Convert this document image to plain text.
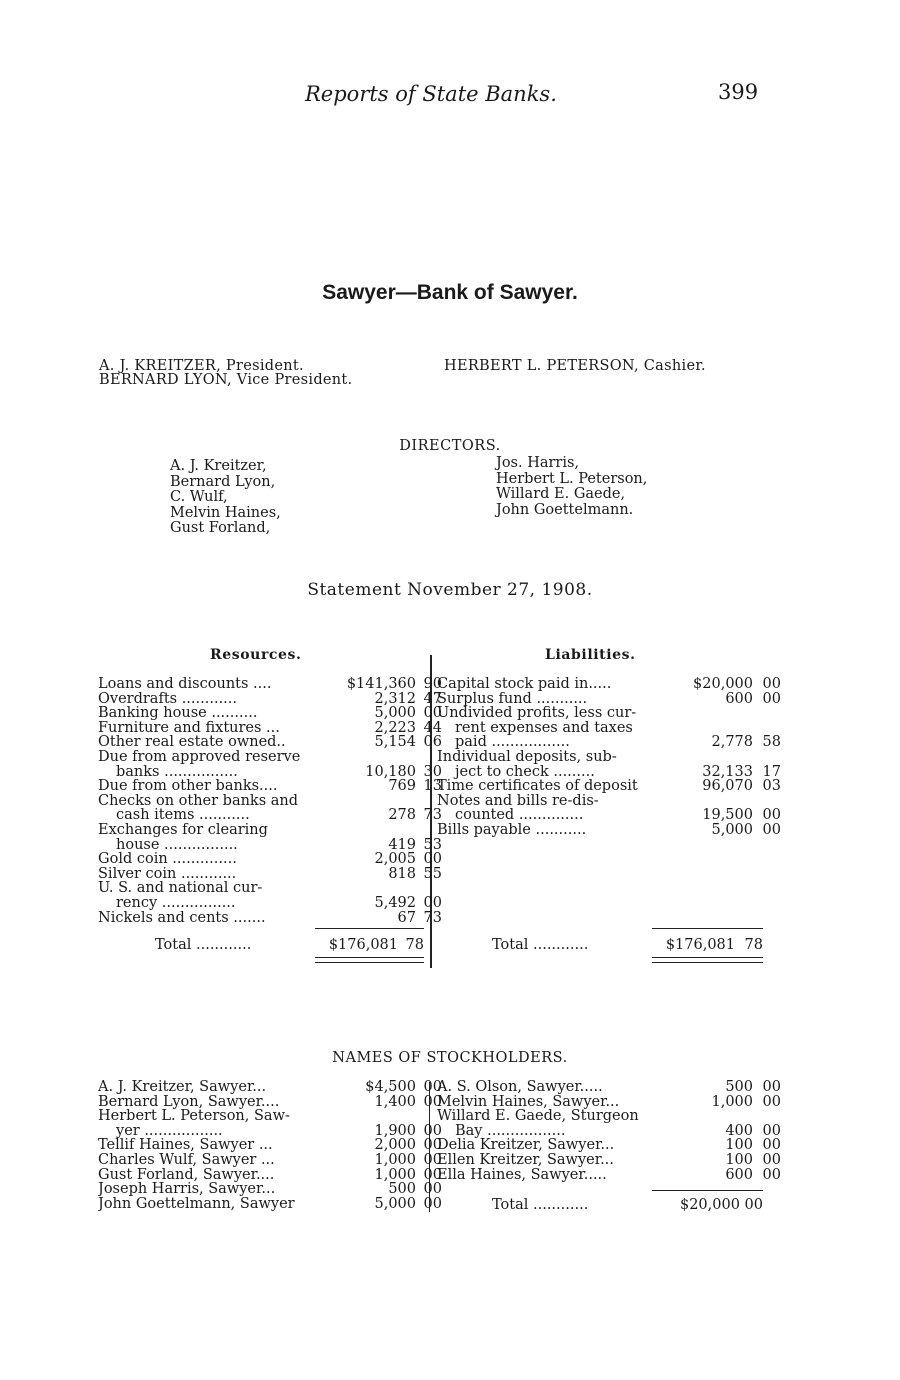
Reports of State Banks.	399
Sawyer—Bank of Sawyer.
A. J. KREITZER, President.
BERNARD LYON, Vice President.
HERBERT L. PETERSON, Cashier.
DIRECTORS.
A. J. Kreitzer,
Bernard Lyon,
C. Wulf,
Melvin Haines,
Gust Forland,
Jos. Harris,
Herbert L. Peterson,
Willard E. Gaede,
John Goettelmann.
Statement November 27, 1908.
Resources.	Liabilities.
Loans and discounts ....	$141,360	90
Overdrafts ............	2,312	47
Banking house ..........	5,000	00
Furniture and fixtures ...	2,223	44
Other real estate owned..	5,154	06
Due from approved reserve		
banks ................	10,180	30
Due from other banks....	769	13
Checks on other banks and		
cash items ...........	278	73
Exchanges for clearing		
house ................	419	53
Gold coin ..............	2,005	00
Silver coin ............	818	55
U. S. and national cur-		
rency ................	5,492	00
Nickels and cents .......	67	73
Total ............	$176,081 78
Capital stock paid in.....	$20,000	00
Surplus fund ...........	600	00
Undivided profits, less cur-		
rent expenses and taxes		
paid .................	2,778	58
Individual deposits, sub-		
ject to check .........	32,133	17
Time certificates of deposit	96,070	03
Notes and bills re-dis-		
counted ..............	19,500	00
Bills payable ...........	5,000	00
Total ............	$176,081 78
NAMES OF STOCKHOLDERS.
A. J. Kreitzer, Sawyer...	$4,500	00
Bernard Lyon, Sawyer....	1,400	00
Herbert L. Peterson, Saw-		
yer .................	1,900	00
Tellif Haines, Sawyer ...	2,000	00
Charles Wulf, Sawyer ...	1,000	00
Gust Forland, Sawyer....	1,000	00
Joseph Harris, Sawyer...	500	00
John Goettelmann, Sawyer	5,000	00
A. S. Olson, Sawyer.....	500	00
Melvin Haines, Sawyer...	1,000	00
Willard E. Gaede, Sturgeon		
Bay .................	400	00
Delia Kreitzer, Sawyer...	100	00
Ellen Kreitzer, Sawyer...	100	00
Ella Haines, Sawyer.....	600	00
Total ............	$20,000 00
